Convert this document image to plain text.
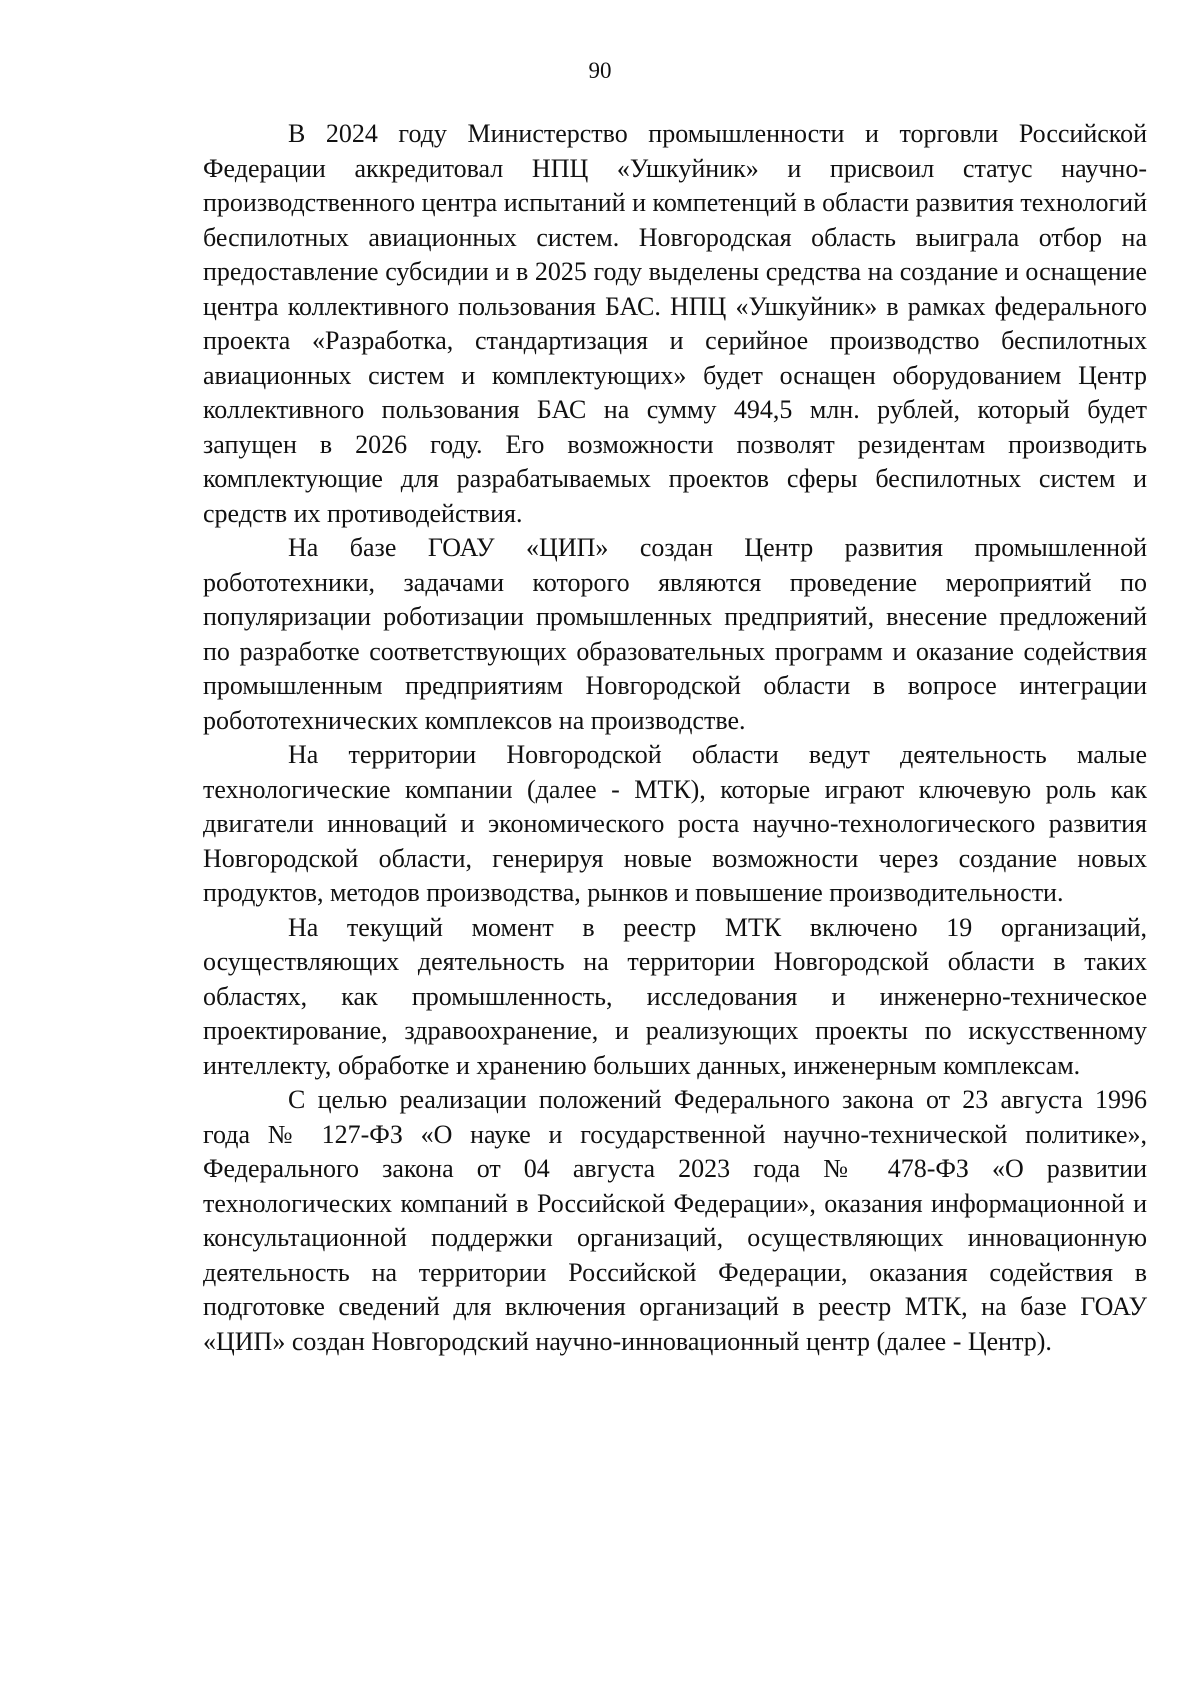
90

В 2024 году Министерство промышленности и торговли Российской Федерации аккредитовал НПЦ «Ушкуйник» и присвоил статус научно-производственного центра испытаний и компетенций в области развития технологий беспилотных авиационных систем. Новгородская область выиграла отбор на предоставление субсидии и в 2025 году выделены средства на создание и оснащение центра коллективного пользования БАС. НПЦ «Ушкуйник» в рамках федерального проекта «Разработка, стандартизация и серийное производство беспилотных авиационных систем и комплектующих» будет оснащен оборудованием Центр коллективного пользования БАС на сумму 494,5 млн. рублей, который будет запущен в 2026 году. Его возможности позволят резидентам производить комплектующие для разрабатываемых проектов сферы беспилотных систем и средств их противодействия.

На базе ГОАУ «ЦИП» создан Центр развития промышленной робототехники, задачами которого являются проведение мероприятий по популяризации роботизации промышленных предприятий, внесение предложений по разработке соответствующих образовательных программ и оказание содействия промышленным предприятиям Новгородской области в вопросе интеграции робототехнических комплексов на производстве.

На территории Новгородской области ведут деятельность малые технологические компании (далее - МТК), которые играют ключевую роль как двигатели инноваций и экономического роста научно-технологического развития Новгородской области, генерируя новые возможности через создание новых продуктов, методов производства, рынков и повышение производительности.

На текущий момент в реестр МТК включено 19 организаций, осуществляющих деятельность на территории Новгородской области в таких областях, как промышленность, исследования и инженерно-техническое проектирование, здравоохранение, и реализующих проекты по искусственному интеллекту, обработке и хранению больших данных, инженерным комплексам.

С целью реализации положений Федерального закона от 23 августа 1996 года № 127-ФЗ «О науке и государственной научно-технической политике», Федерального закона от 04 августа 2023 года № 478-ФЗ «О развитии технологических компаний в Российской Федерации», оказания информационной и консультационной поддержки организаций, осуществляющих инновационную деятельность на территории Российской Федерации, оказания содействия в подготовке сведений для включения организаций в реестр МТК, на базе ГОАУ «ЦИП» создан Новгородский научно-инновационный центр (далее - Центр).
